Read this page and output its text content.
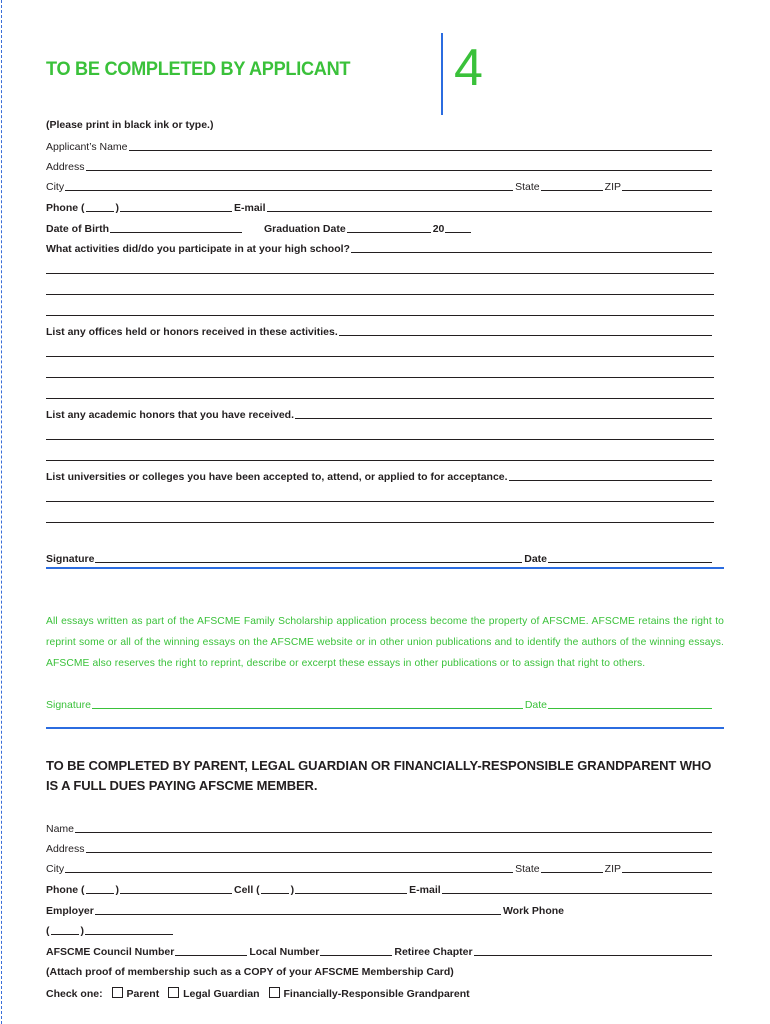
TO BE COMPLETED BY APPLICANT 4
(Please print in black ink or type.)
Applicant’s Name
Address
City	State	ZIP
Phone (	)	E-mail
Date of Birth	Graduation Date	20
What activities did/do you participate in at your high school?
List any offices held or honors received in these activities.
List any academic honors that you have received.
List universities or colleges you have been accepted to, attend, or applied to for acceptance.
Signature	Date
All essays written as part of the AFSCME Family Scholarship application process become the property of AFSCME. AFSCME retains the right to reprint some or all of the winning essays on the AFSCME website or in other union publications and to identify the authors of the winning essays. AFSCME also reserves the right to reprint, describe or excerpt these essays in other publications or to assign that right to others.
Signature	Date
TO BE COMPLETED BY PARENT, LEGAL GUARDIAN OR FINANCIALLY-RESPONSIBLE GRANDPARENT WHO IS A FULL DUES PAYING AFSCME MEMBER.
Name
Address
City	State	ZIP
Phone (	)	Cell (	)	E-mail
Employer	Work Phone
(	)
AFSCME Council Number	Local Number	Retiree Chapter
(Attach proof of membership such as a COPY of your AFSCME Membership Card)
Check one: Parent Legal Guardian Financially-Responsible Grandparent
